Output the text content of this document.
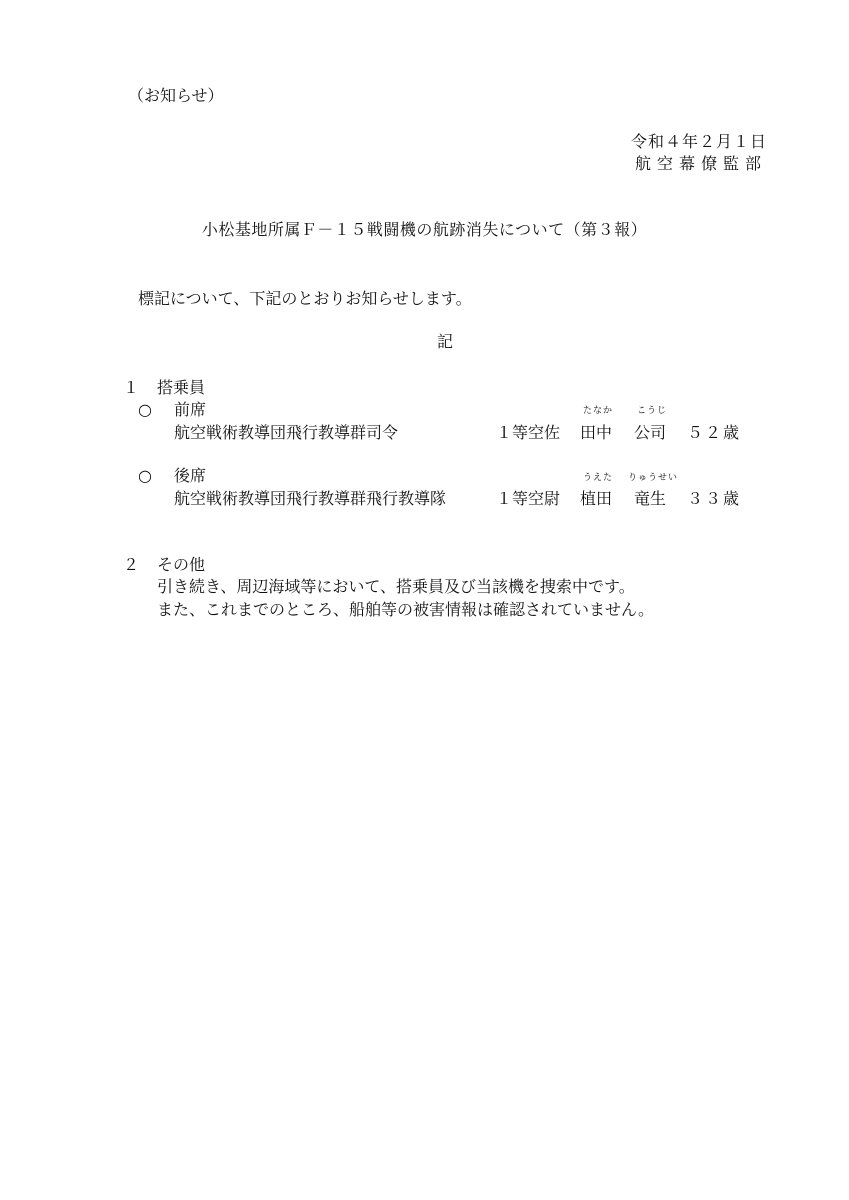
（お知らせ）
令和４年２月１日
航空幕僚監部
小松基地所属Ｆ－１５戦闘機の航跡消失について（第３報）
標記について、下記のとおりお知らせします。
記
１ 搭乗員
○ 前席	たなか	こうじ
航空戦術教導団飛行教導群司令	１等空佐 田中 公司 ５２歳
○ 後席	うえた りゅうせい
航空戦術教導団飛行教導群飛行教導隊	１等空尉 植田 竜生 ３３歳
２ その他
引き続き、周辺海域等において、搭乗員及び当該機を捜索中です。
また、これまでのところ、船舶等の被害情報は確認されていません。
